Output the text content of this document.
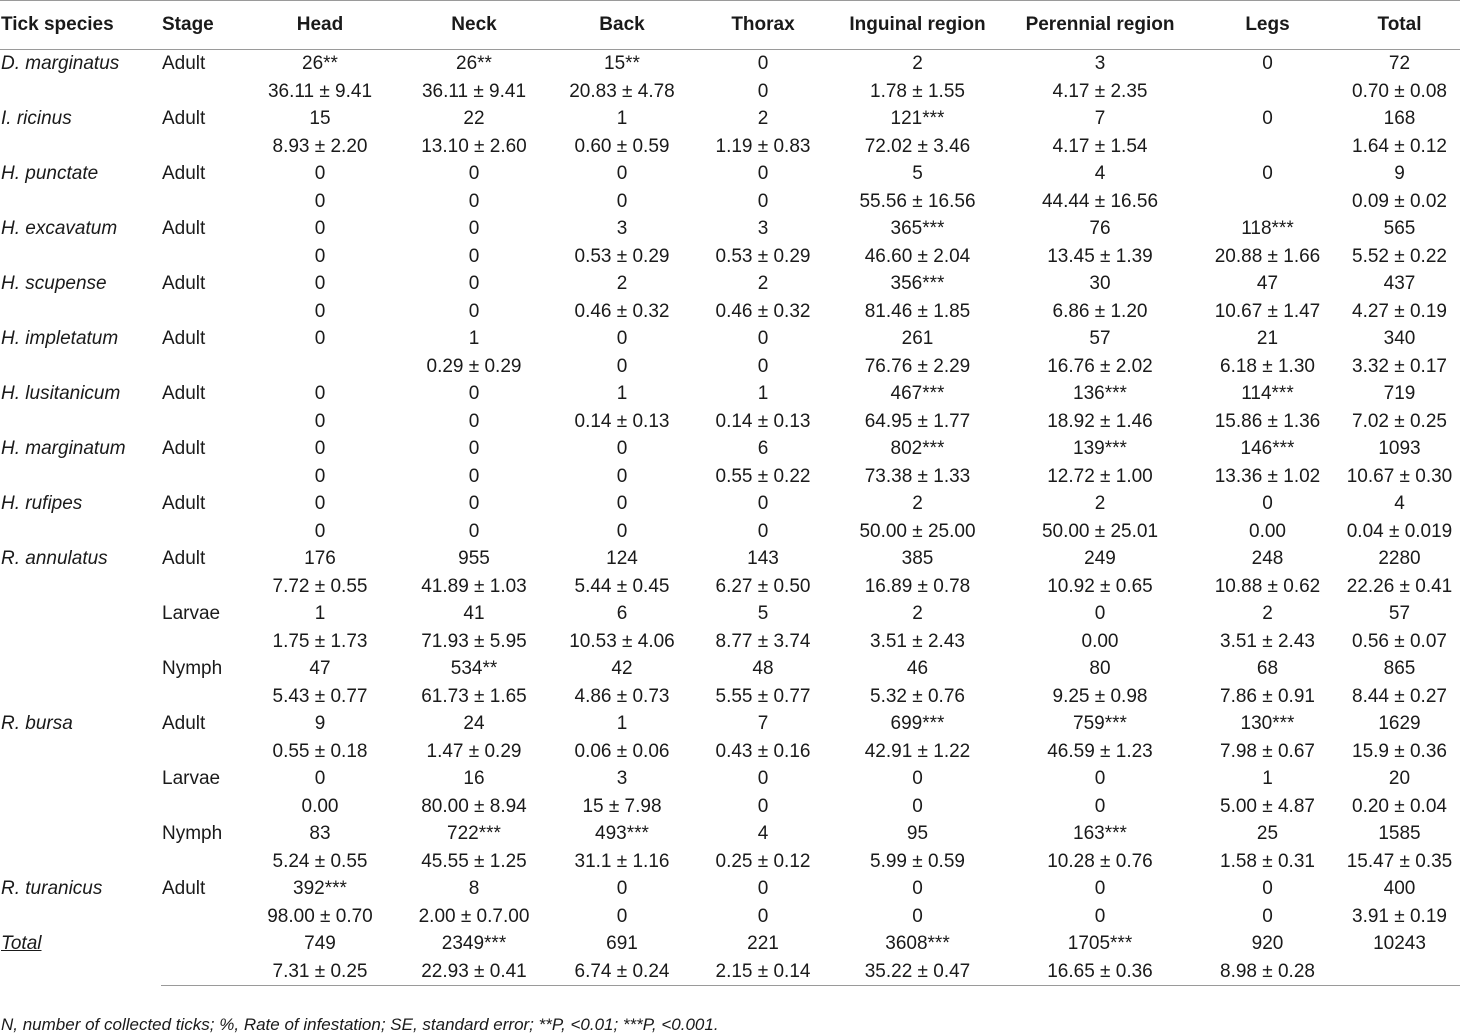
Tick species	Stage	Head	Neck	Back	Thorax	Inguinal region	Perennial region	Legs	Total
D. marginatus	Adult	26**	26**	15**	0	2	3	0	72
		36.11 ± 9.41	36.11 ± 9.41	20.83 ± 4.78	0	1.78 ± 1.55	4.17 ± 2.35		0.70 ± 0.08
I. ricinus	Adult	15	22	1	2	121***	7	0	168
		8.93 ± 2.20	13.10 ± 2.60	0.60 ± 0.59	1.19 ± 0.83	72.02 ± 3.46	4.17 ± 1.54		1.64 ± 0.12
H. punctate	Adult	0	0	0	0	5	4	0	9
		0	0	0	0	55.56 ± 16.56	44.44 ± 16.56		0.09 ± 0.02
H. excavatum	Adult	0	0	3	3	365***	76	118***	565
		0	0	0.53 ± 0.29	0.53 ± 0.29	46.60 ± 2.04	13.45 ± 1.39	20.88 ± 1.66	5.52 ± 0.22
H. scupense	Adult	0	0	2	2	356***	30	47	437
		0	0	0.46 ± 0.32	0.46 ± 0.32	81.46 ± 1.85	6.86 ± 1.20	10.67 ± 1.47	4.27 ± 0.19
H. impletatum	Adult	0	1	0	0	261	57	21	340
			0.29 ± 0.29	0	0	76.76 ± 2.29	16.76 ± 2.02	6.18 ± 1.30	3.32 ± 0.17
H. lusitanicum	Adult	0	0	1	1	467***	136***	114***	719
		0	0	0.14 ± 0.13	0.14 ± 0.13	64.95 ± 1.77	18.92 ± 1.46	15.86 ± 1.36	7.02 ± 0.25
H. marginatum	Adult	0	0	0	6	802***	139***	146***	1093
		0	0	0	0.55 ± 0.22	73.38 ± 1.33	12.72 ± 1.00	13.36 ± 1.02	10.67 ± 0.30
H. rufipes	Adult	0	0	0	0	2	2	0	4
		0	0	0	0	50.00 ± 25.00	50.00 ± 25.01	0.00	0.04 ± 0.019
R. annulatus	Adult	176	955	124	143	385	249	248	2280
		7.72 ± 0.55	41.89 ± 1.03	5.44 ± 0.45	6.27 ± 0.50	16.89 ± 0.78	10.92 ± 0.65	10.88 ± 0.62	22.26 ± 0.41
	Larvae	1	41	6	5	2	0	2	57
		1.75 ± 1.73	71.93 ± 5.95	10.53 ± 4.06	8.77 ± 3.74	3.51 ± 2.43	0.00	3.51 ± 2.43	0.56 ± 0.07
	Nymph	47	534**	42	48	46	80	68	865
		5.43 ± 0.77	61.73 ± 1.65	4.86 ± 0.73	5.55 ± 0.77	5.32 ± 0.76	9.25 ± 0.98	7.86 ± 0.91	8.44 ± 0.27
R. bursa	Adult	9	24	1	7	699***	759***	130***	1629
		0.55 ± 0.18	1.47 ± 0.29	0.06 ± 0.06	0.43 ± 0.16	42.91 ± 1.22	46.59 ± 1.23	7.98 ± 0.67	15.9 ± 0.36
	Larvae	0	16	3	0	0	0	1	20
		0.00	80.00 ± 8.94	15 ± 7.98	0	0	0	5.00 ± 4.87	0.20 ± 0.04
	Nymph	83	722***	493***	4	95	163***	25	1585
		5.24 ± 0.55	45.55 ± 1.25	31.1 ± 1.16	0.25 ± 0.12	5.99 ± 0.59	10.28 ± 0.76	1.58 ± 0.31	15.47 ± 0.35
R. turanicus	Adult	392***	8	0	0	0	0	0	400
		98.00 ± 0.70	2.00 ± 0.7.00	0	0	0	0	0	3.91 ± 0.19
Total		749	2349***	691	221	3608***	1705***	920	10243
		7.31 ± 0.25	22.93 ± 0.41	6.74 ± 0.24	2.15 ± 0.14	35.22 ± 0.47	16.65 ± 0.36	8.98 ± 0.28	
N, number of collected ticks; %, Rate of infestation; SE, standard error; **P, <0.01; ***P, <0.001.
